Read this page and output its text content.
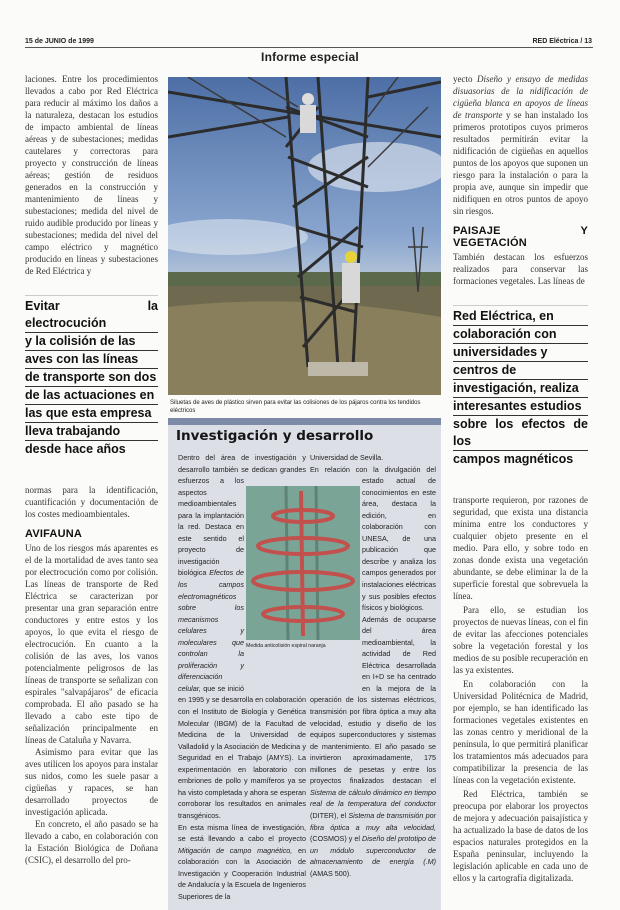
15 de JUNIO de 1999
Informe especial
RED Eléctrica / 13

laciones. Entre los procedimientos llevados a cabo por Red Eléctrica para reducir al máximo los daños a la naturaleza, destacan los estudios de impacto ambiental de líneas aéreas y de subestaciones; medidas cautelares y correctoras para proyecto y construcción de líneas aéreas; gestión de residuos generados en la construcción y mantenimiento de líneas y subestaciones; medida del nivel de ruido audible producido por líneas y subestaciones; medida del nivel del campo eléctrico y magnético producido en líneas y subestaciones de Red Eléctrica y

Evitar la electrocución
y la colisión de las
aves con las líneas
de transporte son dos
de las actuaciones en
las que esta empresa
lleva trabajando
desde hace años

normas para la identificación, cuantificación y documentación de los costes medioambientales.

AVIFAUNA

Uno de los riesgos más aparentes es el de la mortalidad de aves tanto sea por electrocución como por colisión. Las líneas de transporte de Red Eléctrica se caracterizan por presentar una gran separación entre conductores y entre estos y los apoyos, lo que evita el riesgo de electrocución. En cuanto a la colisión de las aves, los vanos potencialmente peligrosos de las líneas de transporte se señalizan con espirales "salvapájaros" de eficacia comprobada. El año pasado se ha llevado a cabo este tipo de señalización principalmente en líneas de Cataluña y Navarra.

Asimismo para evitar que las aves utilicen los apoyos para instalar sus nidos, como les suele pasar a cigüeñas y rapaces, se han desarrollado proyectos de investigación aplicada.

En concreto, el año pasado se ha llevado a cabo, en colaboración con la Estación Biológica de Doñana (CSIC), el desarrollo del pro-

Siluetas de aves de plástico sirven para evitar las colisiones de los pájaros contra los tendidos eléctricos
Investigación y desarrollo

Dentro del área de investigación y desarrollo también se dedican grandes esfuerzos a los aspectos medioambientales para la implantación la red. Destaca en este sentido el proyecto de investigación biológica Efectos de los campos electromagnéticos sobre los mecanismos celulares y moleculares que controlan la proliferación y diferenciación celular, que se inició en 1995 y se desarrolla en colaboración con el Instituto de Biología y Genética Molecular (IBGM) de la Facultad de Medicina de la Universidad de Valladolid y la Asociación de Medicina y Seguridad en el Trabajo (AMYS). La experimentación en laboratorio con embriones de pollo y mamíferos ya se ha visto completada y ahora se esperan corroborar los resultados en animales transgénicos.

En esta misma línea de investigación, se está llevando a cabo el proyecto Mitigación de campo magnético, en colaboración con la Asociación de Investigación y Cooperación Industrial de Andalucía y la Escuela de Ingenieros Superiores de la

Universidad de Sevilla.

En relación con la divulgación del estado actual de conocimientos en este área, destaca la edición, en colaboración con UNESA, de una publicación que describe y analiza los campos generados por instalaciones eléctricas y sus posibles efectos físicos y biológicos.

Además de ocuparse del área medioambiental, la actividad de Red Eléctrica desarrollada en I+D se ha centrado en la mejora de la operación de los sistemas eléctricos, transmisión por fibra óptica a muy alta velocidad, estudio y diseño de los equipos superconductores y sistemas de mantenimiento. El año pasado se invirtieron aproximadamente, 175 millones de pesetas y entre los proyectos finalizados destacan el Sistema de cálculo dinámico en tiempo real de la temperatura del conductor (DITER), el Sistema de transmisión por fibra óptica a muy alta velocidad, (COSMOS) y el Diseño del prototipo de un módulo superconductor de almacenamiento de energía (.M) (AMAS 500).

Medida anticolisión espiral naranja

yecto Diseño y ensayo de medidas disuasorias de la nidificación de cigüeña blanca en apoyos de líneas de transporte y se han instalado los primeros prototipos cuyos primeros resultados permitirán evitar la nidificación de cigüeñas en aquellos puntos de los apoyos que suponen un riesgo para la instalación o para la propia ave, aunque sin impedir que nidifiquen en otros puntos de apoyo sin riesgos.

PAISAJE Y VEGETACIÓN

También destacan los esfuerzos realizados para conservar las formaciones vegetales. Las líneas de

Red Eléctrica, en
colaboración con
universidades y
centros de
investigación, realiza
interesantes estudios
sobre los efectos de los
campos magnéticos

transporte requieron, por razones de seguridad, que exista una distancia mínima entre los conductores y cualquier objeto presente en el medio. Para ello, y sobre todo en zonas donde exista una vegetación abundante, se debe eliminar la de la superficie forestal que sobrevuela la línea.

Para ello, se estudian los proyectos de nuevas líneas, con el fin de evitar las afecciones potenciales sobre la vegetación forestal y los medios de su posible recuperación en las ya existentes.

En colaboración con la Universidad Politécnica de Madrid, por ejemplo, se han identificado las formaciones vegetales existentes en las zonas centro y meridional de la península, lo que permitirá planificar los tratamientos más adecuados para compatibilizar la presencia de las líneas con la vegetación existente.

Red Eléctrica, también se preocupa por elaborar los proyectos de mejora y adecuación paisajística y ha actualizado la base de datos de los espacios naturales protegidos en la España peninsular, incluyendo la legislación aplicable en cada uno de ellos y la cartografía digitalizada.
